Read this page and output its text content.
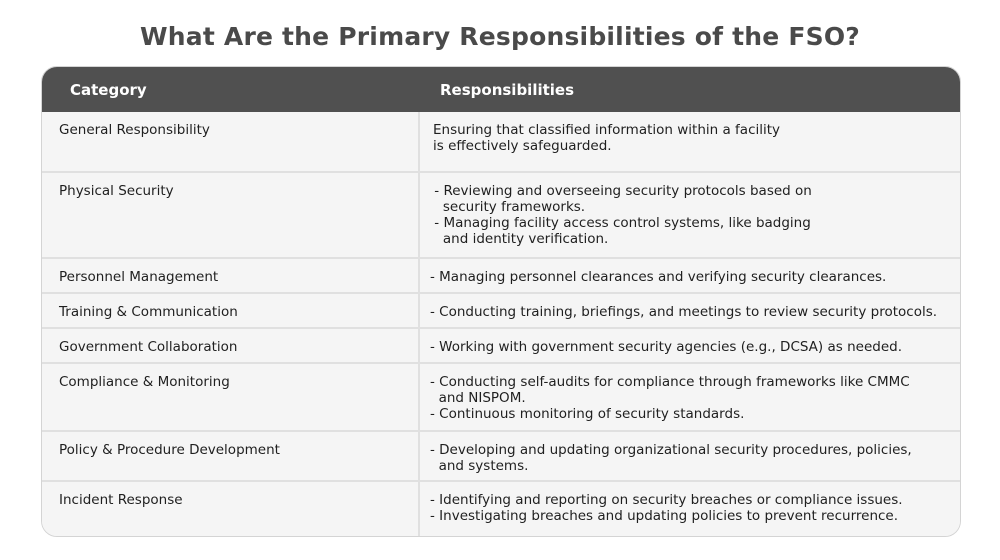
What Are the Primary Responsibilities of the FSO?
Category	Responsibilities
General Responsibility	Ensuring that classified information within a facility
is effectively safeguarded.
Physical Security	- Reviewing and overseeing security protocols based on
security frameworks.
- Managing facility access control systems, like badging
and identity verification.
Personnel Management	- Managing personnel clearances and verifying security clearances.
Training & Communication	- Conducting training, briefings, and meetings to review security protocols.
Government Collaboration	- Working with government security agencies (e.g., DCSA) as needed.
Compliance & Monitoring	- Conducting self-audits for compliance through frameworks like CMMC
and NISPOM.
- Continuous monitoring of security standards.
Policy & Procedure Development	- Developing and updating organizational security procedures, policies,
and systems.
Incident Response	- Identifying and reporting on security breaches or compliance issues.
- Investigating breaches and updating policies to prevent recurrence.
